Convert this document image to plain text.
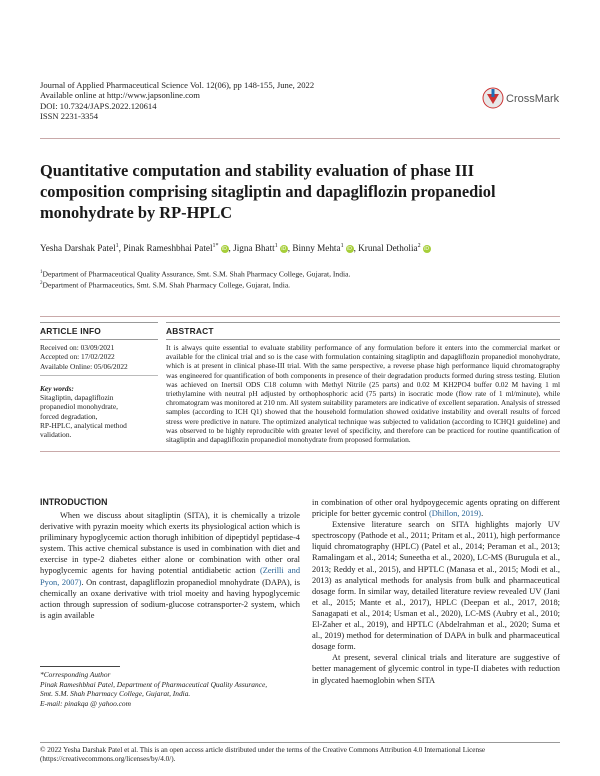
Journal of Applied Pharmaceutical Science Vol. 12(06), pp 148-155, June, 2022
Available online at http://www.japsonline.com
DOI: 10.7324/JAPS.2022.120614
ISSN 2231-3354
CrossMark
Quantitative computation and stability evaluation of phase III composition comprising sitagliptin and dapagliflozin propanediol monohydrate by RP-HPLC
Yesha Darshak Patel$^1$, Pinak Rameshbhai Patel$^{1*}$iD , Jigna Bhatt$^1$iD , Binny Mehta$^1$iD , Krunal Detholia$^2$iD
$^1$Department of Pharmaceutical Quality Assurance, Smt. S.M. Shah Pharmacy College, Gujarat, India.
$^2$Department of Pharmaceutics, Smt. S.M. Shah Pharmacy College, Gujarat, India.
ARTICLE INFO
Received on: 03/09/2021
Accepted on: 17/02/2022
Available Online: 05/06/2022
Key words:
Sitagliptin, dapagliflozin
propanediol monohydrate,
forced degradation,
RP-HPLC, analytical method
validation.
ABSTRACT
It is always quite essential to evaluate stability performance of any formulation before it enters into the commercial market or available for the clinical trial and so is the case with formulation containing sitagliptin and dapagliflozin propanediol monohydrate, which is at present in clinical phase-III trial. With the same perspective, a reverse phase high performance liquid chromatography was engineered for quantification of both components in presence of their degradation products formed during stress testing. Elution was achieved on Inertsil ODS C18 column with Methyl Nitrile (25 parts) and 0.02 M KH2PO4 buffer 0.02 M having 1 ml triethylamine with neutral pH adjusted by orthophosphoric acid (75 parts) in isocratic mode (flow rate of 1 ml/minute), while chromatogram was monitored at 210 nm. All system suitability parameters are indicative of excellent separation. Analysis of stressed samples (according to ICH Q1) showed that the household formulation showed oxidative instability and overall results of forced stress were predictive in nature. The optimized analytical technique was subjected to validation (according to ICHQ1 guideline) and was observed to be highly reproducible with greater level of specificity, and therefore can be practiced for routine quantification of sitagliptin and dapagliflozin propanediol monohydrate from proposed formulation.
INTRODUCTION

When we discuss about sitagliptin (SITA), it is chemically a trizole derivative with pyrazin moeity which exerts its physiological action which is priliminary hypoglycemic action thorugh inhibition of dipeptidyl peptidase-4 system. This active chemical substance is used in combination with diet and exercise in type-2 diabetes either alone or combination with other oral hypoglycemic agents for having potential antidiabetic action (Zerilli and Pyon, 2007). On contrast, dapagliflozin propanediol mnohydrate (DAPA), is chemically an oxane derivative with triol moeity and having hypoglycemic action through supression of sodium-glucose cotransporter-2 system, which is agin available

in combination of other oral hydpoygecemic agents oprating on different priciple for better gycemic control (Dhillon, 2019).

Extensive literature search on SITA highlights majorly UV spectroscopy (Pathode et al., 2011; Pritam et al., 2011), high performance liquid chromatography (HPLC) (Patel et al., 2014; Peraman et al., 2013; Ramalingam et al., 2014; Suneetha et al., 2020), LC-MS (Burugula et al., 2013; Reddy et al., 2015), and HPTLC (Manasa et al., 2015; Modi et al., 2013) as analytical methods for analysis from bulk and pharmaceutical dosage form. In similar way, detailed literature review revealed UV (Jani et al., 2015; Mante et al., 2017), HPLC (Deepan et al., 2017, 2018; Sanagapati et al., 2014; Usman et al., 2020), LC-MS (Aubry et al., 2010; El-Zaher et al., 2019), and HPTLC (Abdelrahman et al., 2020; Suma et al., 2019) method for determination of DAPA in bulk and pharmaceutical dosage form.

At present, several clinical trials and literature are suggestive of better management of glycemic control in type-II diabetes with reduction in glycated haemoglobin when SITA

*Corresponding Author
Pinak Rameshbhai Patel, Department of Pharmaceutical Quality Assurance,
Smt. S.M. Shah Pharmacy College, Gujarat, India.
E-mail: pinakqa @ yahoo.com
© 2022 Yesha Darshak Patel et al. This is an open access article distributed under the terms of the Creative Commons Attribution 4.0 International License
(https://creativecommons.org/licenses/by/4.0/).
